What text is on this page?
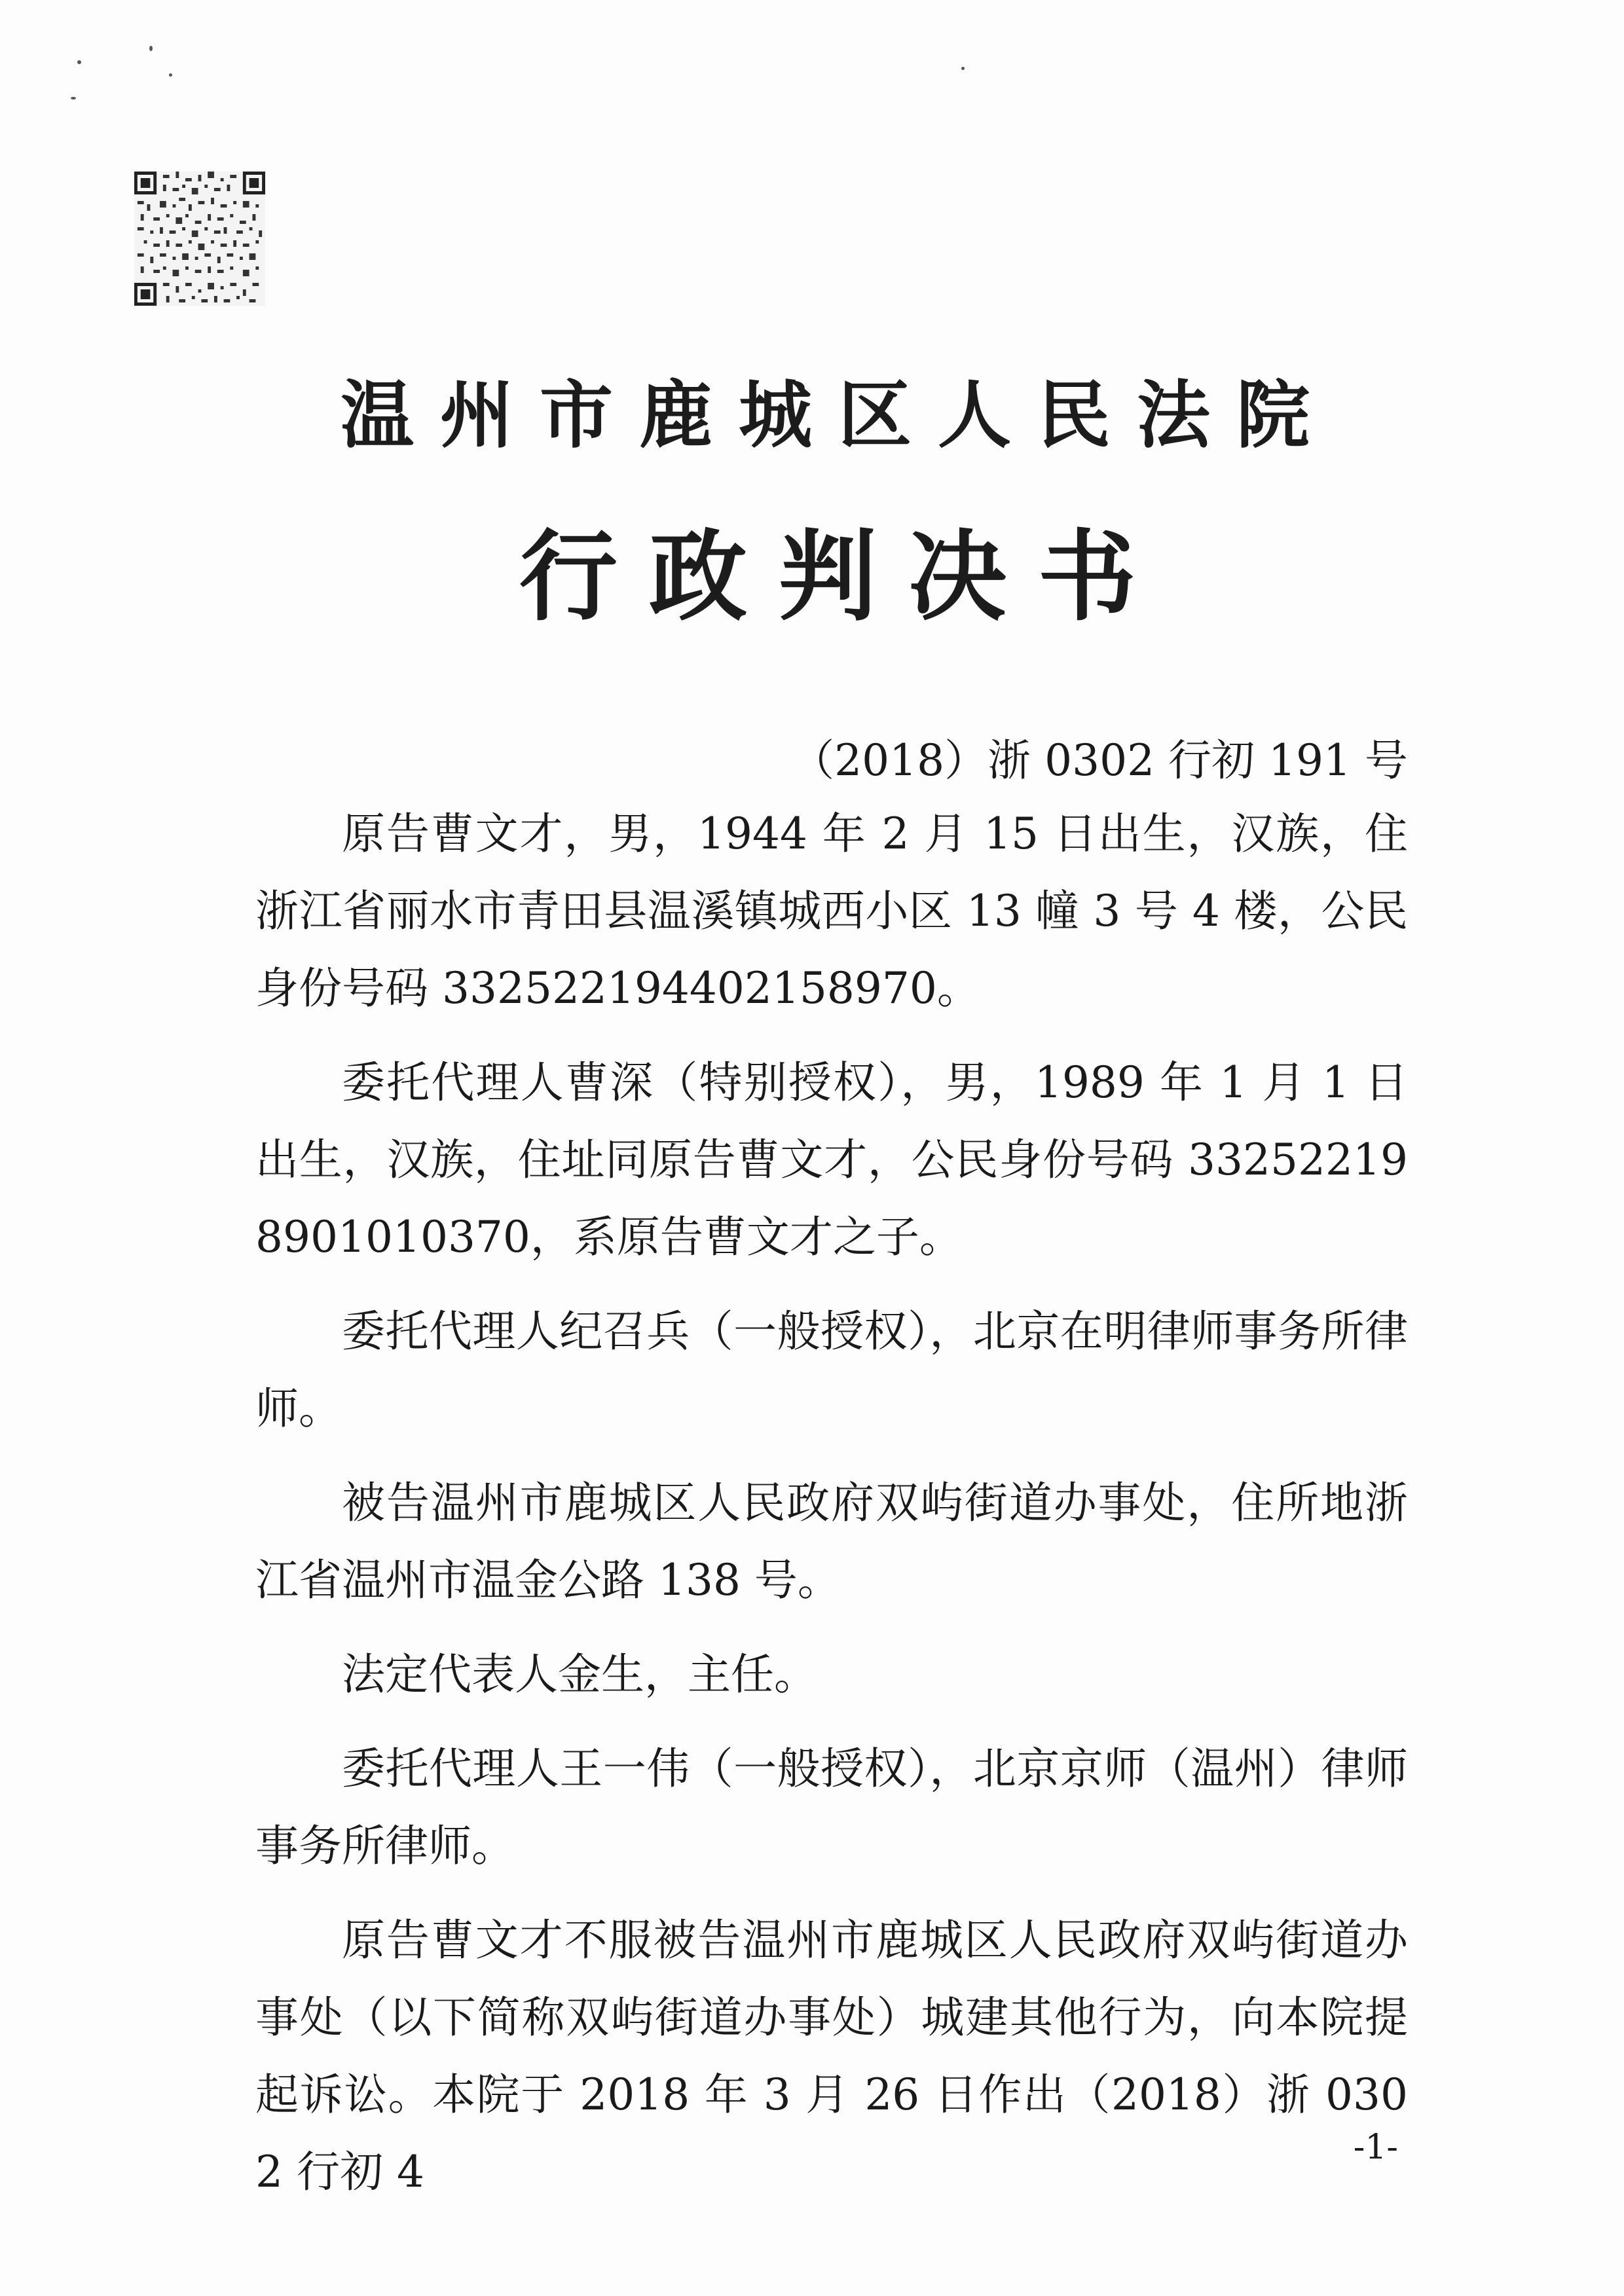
温州市鹿城区人民法院
行政判决书
（2018）浙 0302 行初 191 号

原告曹文才，男，1944 年 2 月 15 日出生，汉族，住浙江省丽水市青田县温溪镇城西小区 13 幢 3 号 4 楼，公民身份号码 332522194402158970。

委托代理人曹深（特别授权），男，1989 年 1 月 1 日出生，汉族，住址同原告曹文才，公民身份号码 332522198901010370，系原告曹文才之子。

委托代理人纪召兵（一般授权），北京在明律师事务所律师。

被告温州市鹿城区人民政府双屿街道办事处，住所地浙江省温州市温金公路 138 号。

法定代表人金生，主任。

委托代理人王一伟（一般授权），北京京师（温州）律师事务所律师。

原告曹文才不服被告温州市鹿城区人民政府双屿街道办事处（以下简称双屿街道办事处）城建其他行为，向本院提起诉讼。本院于 2018 年 3 月 26 日作出（2018）浙 0302 行初 4	-1-
